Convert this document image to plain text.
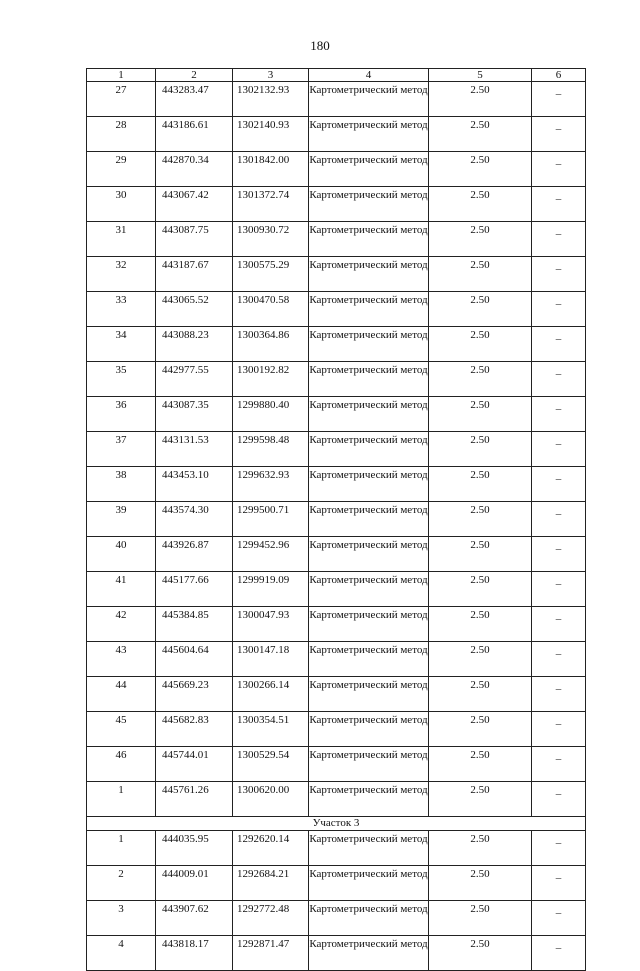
180
1	2	3	4	5	6
27	443283.47	1302132.93	Картометрический метод	2.50	–
28	443186.61	1302140.93	Картометрический метод	2.50	–
29	442870.34	1301842.00	Картометрический метод	2.50	–
30	443067.42	1301372.74	Картометрический метод	2.50	–
31	443087.75	1300930.72	Картометрический метод	2.50	–
32	443187.67	1300575.29	Картометрический метод	2.50	–
33	443065.52	1300470.58	Картометрический метод	2.50	–
34	443088.23	1300364.86	Картометрический метод	2.50	–
35	442977.55	1300192.82	Картометрический метод	2.50	–
36	443087.35	1299880.40	Картометрический метод	2.50	–
37	443131.53	1299598.48	Картометрический метод	2.50	–
38	443453.10	1299632.93	Картометрический метод	2.50	–
39	443574.30	1299500.71	Картометрический метод	2.50	–
40	443926.87	1299452.96	Картометрический метод	2.50	–
41	445177.66	1299919.09	Картометрический метод	2.50	–
42	445384.85	1300047.93	Картометрический метод	2.50	–
43	445604.64	1300147.18	Картометрический метод	2.50	–
44	445669.23	1300266.14	Картометрический метод	2.50	–
45	445682.83	1300354.51	Картометрический метод	2.50	–
46	445744.01	1300529.54	Картометрический метод	2.50	–
1	445761.26	1300620.00	Картометрический метод	2.50	–
Участок 3					
1	444035.95	1292620.14	Картометрический метод	2.50	–
2	444009.01	1292684.21	Картометрический метод	2.50	–
3	443907.62	1292772.48	Картометрический метод	2.50	–
4	443818.17	1292871.47	Картометрический метод	2.50	–
